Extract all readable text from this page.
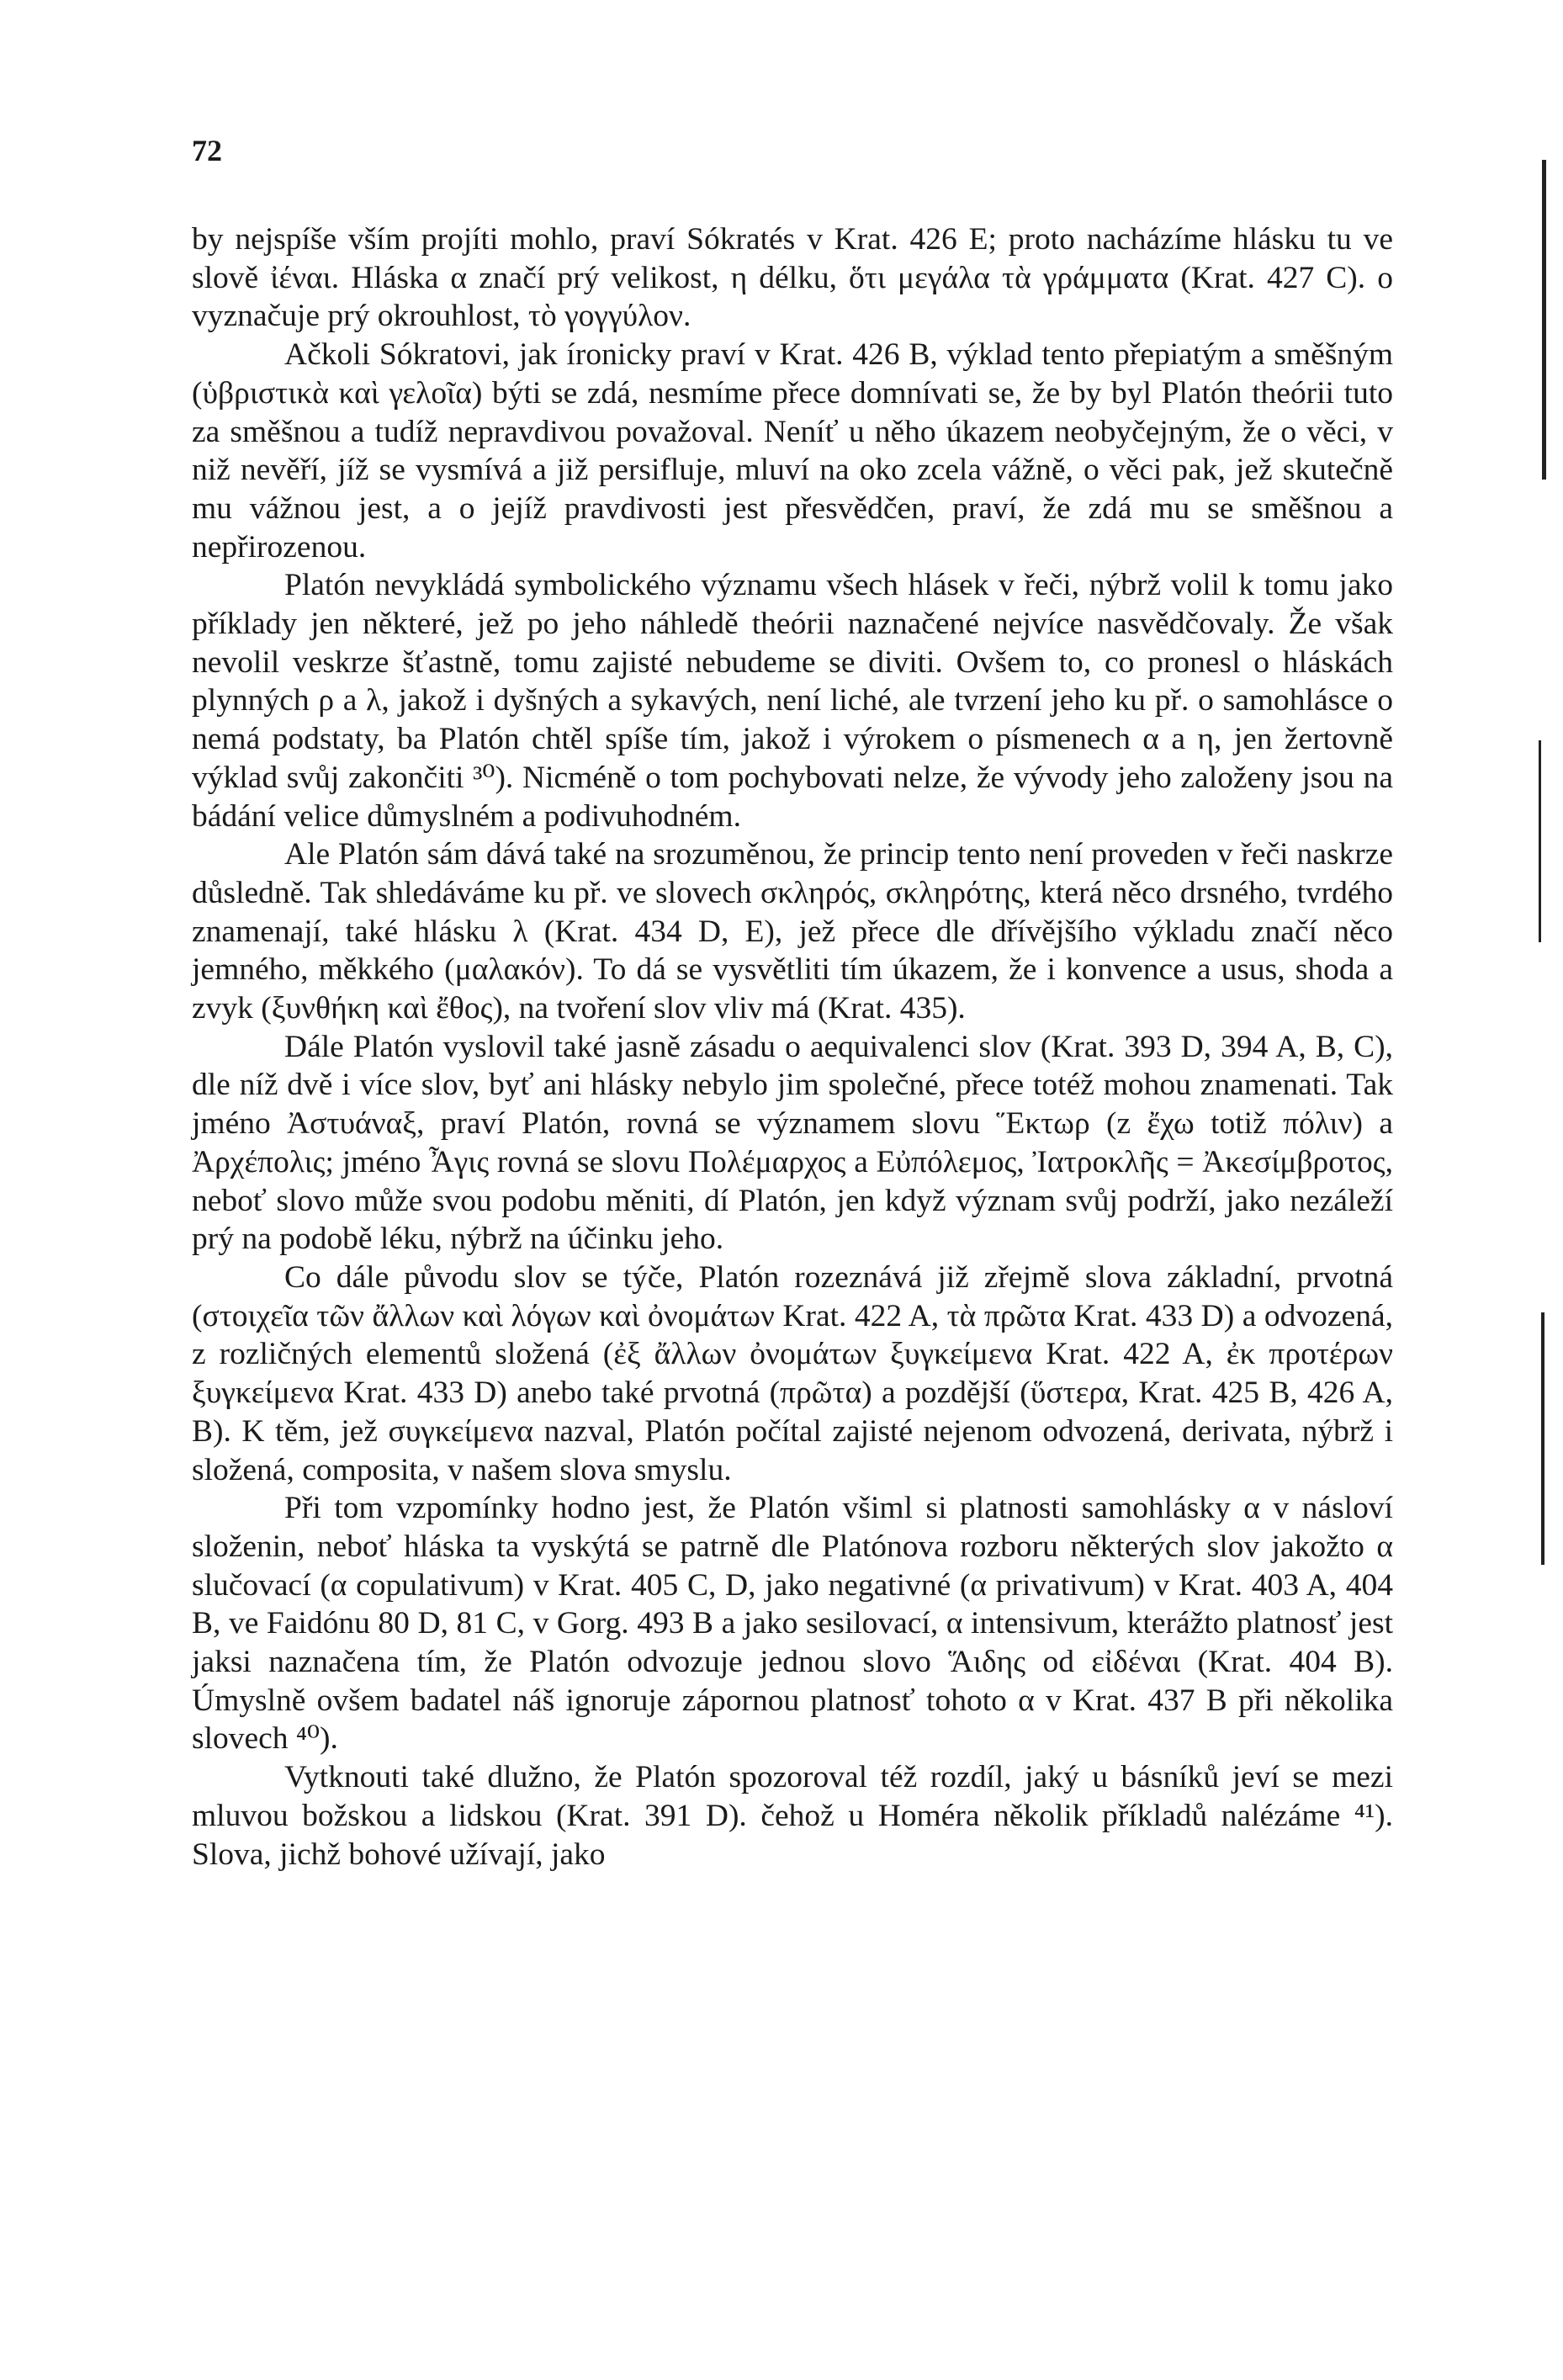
72

by nejspíše vším projíti mohlo, praví Sókratés v Krat. 426 E; proto nacházíme hlásku tu ve slově ἰέναι. Hláska α značí prý velikost, η délku, ὅτι μεγάλα τὰ γράμματα (Krat. 427 C). ο vyznačuje prý okrouhlost, τὸ γογγύλον.

Ačkoli Sókratovi, jak íronicky praví v Krat. 426 B, výklad tento přepiatým a směšným (ὑβριστικὰ καὶ γελοῖα) býti se zdá, nesmíme přece domnívati se, že by byl Platón theórii tuto za směšnou a tudíž nepravdivou považoval. Neníť u něho úkazem neobyčejným, že o věci, v niž nevěří, jíž se vysmívá a již persifluje, mluví na oko zcela vážně, o věci pak, jež skutečně mu vážnou jest, a o jejíž pravdivosti jest přesvědčen, praví, že zdá mu se směšnou a nepřirozenou.

Platón nevykládá symbolického významu všech hlásek v řeči, nýbrž volil k tomu jako příklady jen některé, jež po jeho náhledě theórii naznačené nejvíce nasvědčovaly. Že však nevolil veskrze šťastně, tomu zajisté nebudeme se diviti. Ovšem to, co pronesl o hláskách plynných ρ a λ, jakož i dyšných a sykavých, není liché, ale tvrzení jeho ku př. o samohlásce o nemá podstaty, ba Platón chtěl spíše tím, jakož i výrokem o písmenech α a η, jen žertovně výklad svůj zakončiti ³⁰). Nicméně o tom pochybovati nelze, že vývody jeho založeny jsou na bádání velice důmyslném a podivuhodném.

Ale Platón sám dává také na srozuměnou, že princip tento není proveden v řeči naskrze důsledně. Tak shledáváme ku př. ve slovech σκληρός, σκληρότης, která něco drsného, tvrdého znamenají, také hlásku λ (Krat. 434 D, E), jež přece dle dřívějšího výkladu značí něco jemného, měkkého (μαλακόν). To dá se vysvětliti tím úkazem, že i konvence a usus, shoda a zvyk (ξυνθήκη καὶ ἔθος), na tvoření slov vliv má (Krat. 435).

Dále Platón vyslovil také jasně zásadu o aequivalenci slov (Krat. 393 D, 394 A, B, C), dle níž dvě i více slov, byť ani hlásky nebylo jim společné, přece totéž mohou znamenati. Tak jméno Ἀστυάναξ, praví Platón, rovná se významem slovu Ἕκτωρ (z ἔχω totiž πόλιν) a Ἀρχέπολις; jméno Ἆγις rovná se slovu Πολέμαρχος a Εὐπόλεμος, Ἰατροκλῆς = Ἀκεσίμβροτος, neboť slovo může svou podobu měniti, dí Platón, jen když význam svůj podrží, jako nezáleží prý na podobě léku, nýbrž na účinku jeho.

Co dále původu slov se týče, Platón rozeznává již zřejmě slova základní, prvotná (στοιχεῖα τῶν ἄλλων καὶ λόγων καὶ ὀνομάτων Krat. 422 A, τὰ πρῶτα Krat. 433 D) a odvozená, z rozličných elementů složená (ἐξ ἄλλων ὀνομάτων ξυγκείμενα Krat. 422 A, ἐκ προτέρων ξυγκείμενα Krat. 433 D) anebo také prvotná (πρῶτα) a pozdější (ὕστερα, Krat. 425 B, 426 A, B). K těm, jež συγκείμενα nazval, Platón počítal zajisté nejenom odvozená, derivata, nýbrž i složená, composita, v našem slova smyslu.

Při tom vzpomínky hodno jest, že Platón všiml si platnosti samohlásky α v násloví složenin, neboť hláska ta vyskýtá se patrně dle Platónova rozboru některých slov jakožto α slučovací (α copulativum) v Krat. 405 C, D, jako negativné (α privativum) v Krat. 403 A, 404 B, ve Faidónu 80 D, 81 C, v Gorg. 493 B a jako sesilovací, α intensivum, kterážto platnosť jest jaksi naznačena tím, že Platón odvozuje jednou slovo Ἅιδης od εἰδέναι (Krat. 404 B). Úmyslně ovšem badatel náš ignoruje zápornou platnosť tohoto α v Krat. 437 B při několika slovech ⁴⁰).

Vytknouti také dlužno, že Platón spozoroval též rozdíl, jaký u básníků jeví se mezi mluvou božskou a lidskou (Krat. 391 D). čehož u Homéra několik příkladů nalézáme ⁴¹). Slova, jichž bohové užívají, jako
